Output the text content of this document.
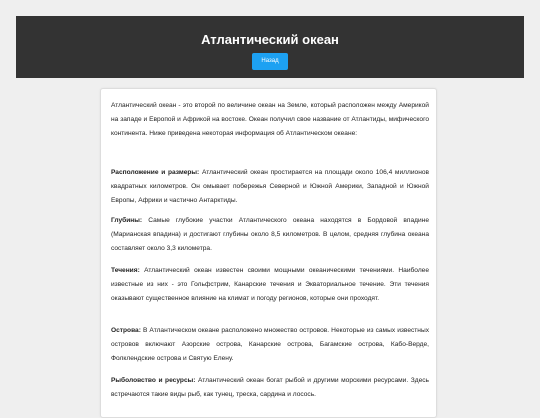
Атлантический океан
Назад
Атлантический океан - это второй по величине океан на Земле, который расположен между Америкой на западе и Европой и Африкой на востоке. Океан получил свое название от Атлантиды, мифического континента. Ниже приведена некоторая информация об Атлантическом океане:
Расположение и размеры: Атлантический океан простирается на площади около 106,4 миллионов квадратных километров. Он омывает побережья Северной и Южной Америки, Западной и Южной Европы, Африки и частично Антарктиды.
Глубины: Самые глубокие участки Атлантического океана находятся в Бордовой впадине (Марианская впадина) и достигают глубины около 8,5 километров. В целом, средняя глубина океана составляет около 3,3 километра.
Течения: Атлантический океан известен своими мощными океаническими течениями. Наиболее известные из них - это Гольфстрим, Канарские течения и Экваториальное течение. Эти течения оказывают существенное влияние на климат и погоду регионов, которые они проходят.
Острова: В Атлантическом океане расположено множество островов. Некоторые из самых известных островов включают Азорские острова, Канарские острова, Багамские острова, Кабо-Верде, Фолклендские острова и Святую Елену.
Рыболовство и ресурсы: Атлантический океан богат рыбой и другими морскими ресурсами. Здесь встречаются такие виды рыб, как тунец, треска, сардина и лосось.
